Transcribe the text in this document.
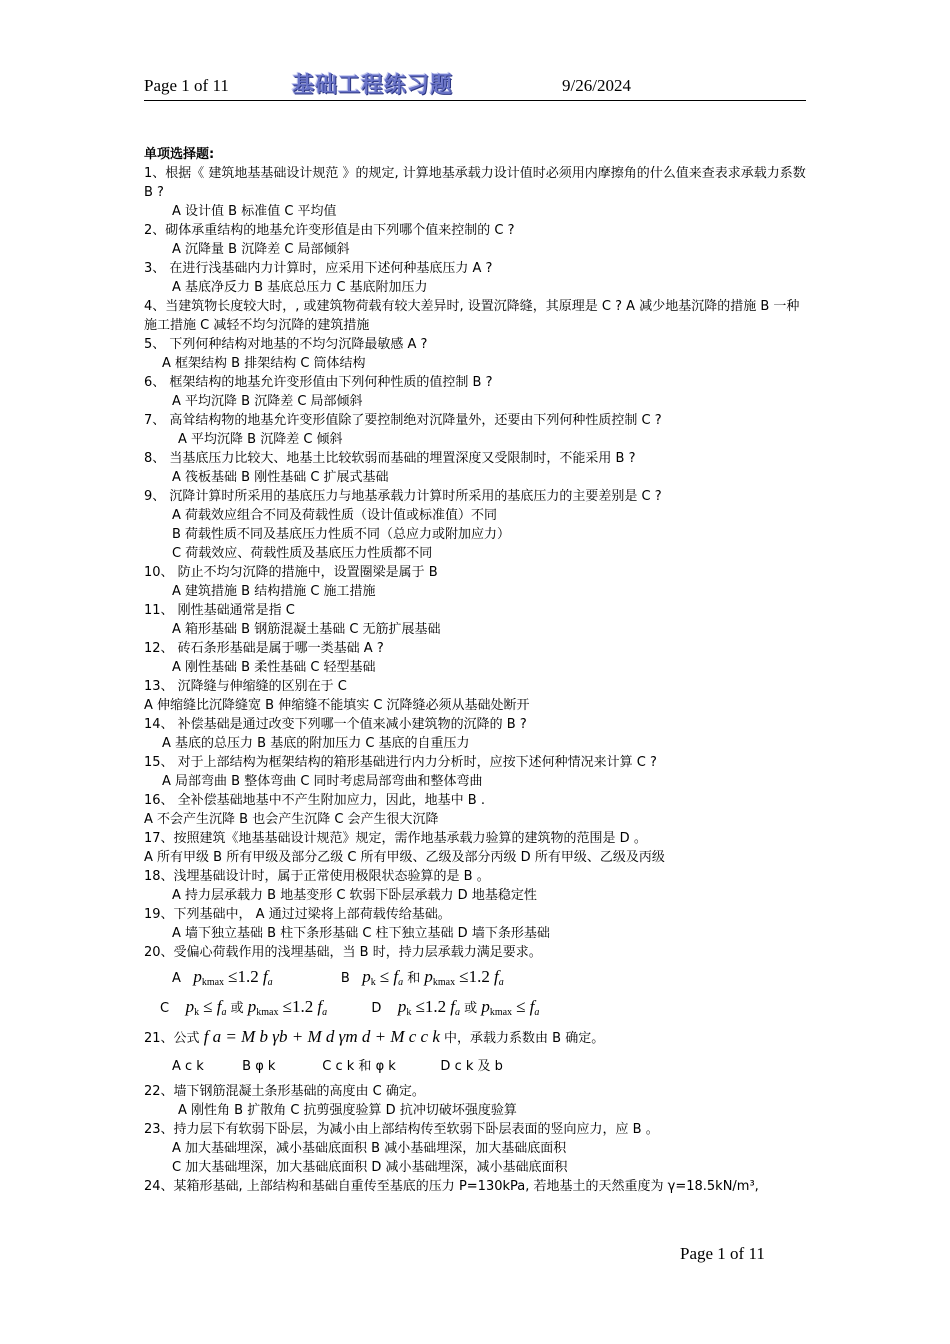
Page 1 of 11	基础工程练习题	9/26/2024
单项选择题:
1、根据《 建筑地基基础设计规范 》的规定, 计算地基承载力设计值时必须用内摩擦角的什么值来查表求承载力系数 B ?
A 设计值 B 标准值 C 平均值
2、砌体承重结构的地基允许变形值是由下列哪个值来控制的 C ?
A 沉降量 B 沉降差 C 局部倾斜
3、 在进行浅基础内力计算时，应采用下述何种基底压力 A ?
A 基底净反力 B 基底总压力 C 基底附加压力
4、当建筑物长度较大时，, 或建筑物荷载有较大差异时, 设置沉降缝，其原理是 C ? A 减少地基沉降的措施 B 一种施工措施 C 减轻不均匀沉降的建筑措施
5、 下列何种结构对地基的不均匀沉降最敏感 A ?
A 框架结构 B 排架结构 C 筒体结构
6、 框架结构的地基允许变形值由下列何种性质的值控制 B ?
A 平均沉降 B 沉降差 C 局部倾斜
7、 高耸结构物的地基允许变形值除了要控制绝对沉降量外，还要由下列何种性质控制 C ?
A 平均沉降 B 沉降差 C 倾斜
8、 当基底压力比较大、地基土比较软弱而基础的埋置深度又受限制时，不能采用 B ?
A 筏板基础 B 刚性基础 C 扩展式基础
9、 沉降计算时所采用的基底压力与地基承载力计算时所采用的基底压力的主要差别是 C ?
A 荷载效应组合不同及荷载性质（设计值或标准值）不同
B 荷载性质不同及基底压力性质不同（总应力或附加应力）
C 荷载效应、荷载性质及基底压力性质都不同
10、 防止不均匀沉降的措施中，设置圈梁是属于 B
A 建筑措施 B 结构措施 C 施工措施
11、 刚性基础通常是指 C
A 箱形基础 B 钢筋混凝土基础 C 无筋扩展基础
12、 砖石条形基础是属于哪一类基础 A ?
A 刚性基础 B 柔性基础 C 轻型基础
13、 沉降缝与伸缩缝的区别在于 C
A 伸缩缝比沉降缝宽 B 伸缩缝不能填实 C 沉降缝必须从基础处断开
14、 补偿基础是通过改变下列哪一个值来减小建筑物的沉降的 B ?
A 基底的总压力 B 基底的附加压力 C 基底的自重压力
15、 对于上部结构为框架结构的箱形基础进行内力分析时，应按下述何种情况来计算 C ?
A 局部弯曲 B 整体弯曲 C 同时考虑局部弯曲和整体弯曲
16、 全补偿基础地基中不产生附加应力，因此，地基中 B .
A 不会产生沉降 B 也会产生沉降 C 会产生很大沉降
17、按照建筑《地基基础设计规范》规定，需作地基承载力验算的建筑物的范围是 D 。
A 所有甲级 B 所有甲级及部分乙级 C 所有甲级、乙级及部分丙级 D 所有甲级、乙级及丙级
18、浅埋基础设计时，属于正常使用极限状态验算的是 B 。
A 持力层承载力 B 地基变形 C 软弱下卧层承载力 D 地基稳定性
19、下列基础中， A 通过过梁将上部荷载传给基础。
A 墙下独立基础 B 柱下条形基础 C 柱下独立基础 D 墙下条形基础
20、受偏心荷载作用的浅埋基础，当 B 时，持力层承载力满足要求。
A $p_{kmax} \le 1.2$ $f_a$	B $p_k \le f_a$ 和 $p_{kmax} \le 1.2$ $f_a$
C $p_k \le f_a$ 或 $p_{kmax} \le 1.2$ $f_a$	D $p_k \le 1.2$ $f_a$ 或 $p_{kmax} \le f_a$
21、公式 f a = M b γb + M d γm d + M c c k 中，承载力系数由 B 确定。
A c k	B φ k	C c k 和 φ k	D c k 及 b
22、墙下钢筋混凝土条形基础的高度由 C 确定。
A 刚性角 B 扩散角 C 抗剪强度验算 D 抗冲切破坏强度验算
23、持力层下有软弱下卧层，为减小由上部结构传至软弱下卧层表面的竖向应力，应 B 。
A 加大基础埋深，减小基础底面积 B 减小基础埋深，加大基础底面积
C 加大基础埋深，加大基础底面积 D 减小基础埋深，减小基础底面积
24、某箱形基础, 上部结构和基础自重传至基底的压力 P=130kPa, 若地基土的天然重度为 γ=18.5kN/m³,
Page 1 of 11
